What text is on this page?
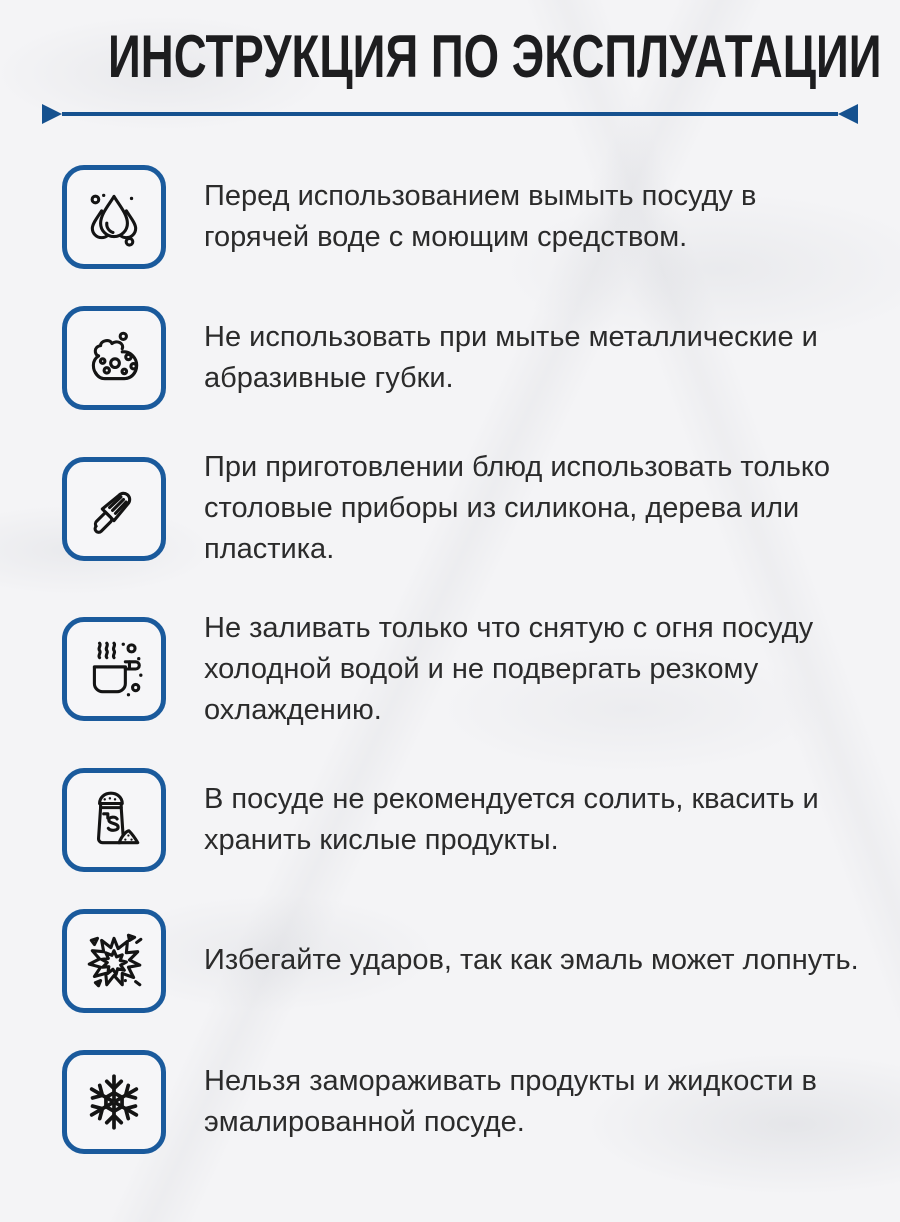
ИНСТРУКЦИЯ ПО ЭКСПЛУАТАЦИИ

Перед использованием вымыть посуду в горячей воде с моющим средством.

Не использовать при мытье металлические и абразивные губки.

При приготовлении блюд использовать только столовые приборы из силикона, дерева или пластика.

Не заливать только что снятую с огня посуду холодной водой и не подвергать резкому охлаждению.

В посуде не рекомендуется солить, квасить и хранить кислые продукты.

Избегайте ударов, так как эмаль может лопнуть.

Нельзя замораживать продукты и жидкости в эмалированной посуде.
